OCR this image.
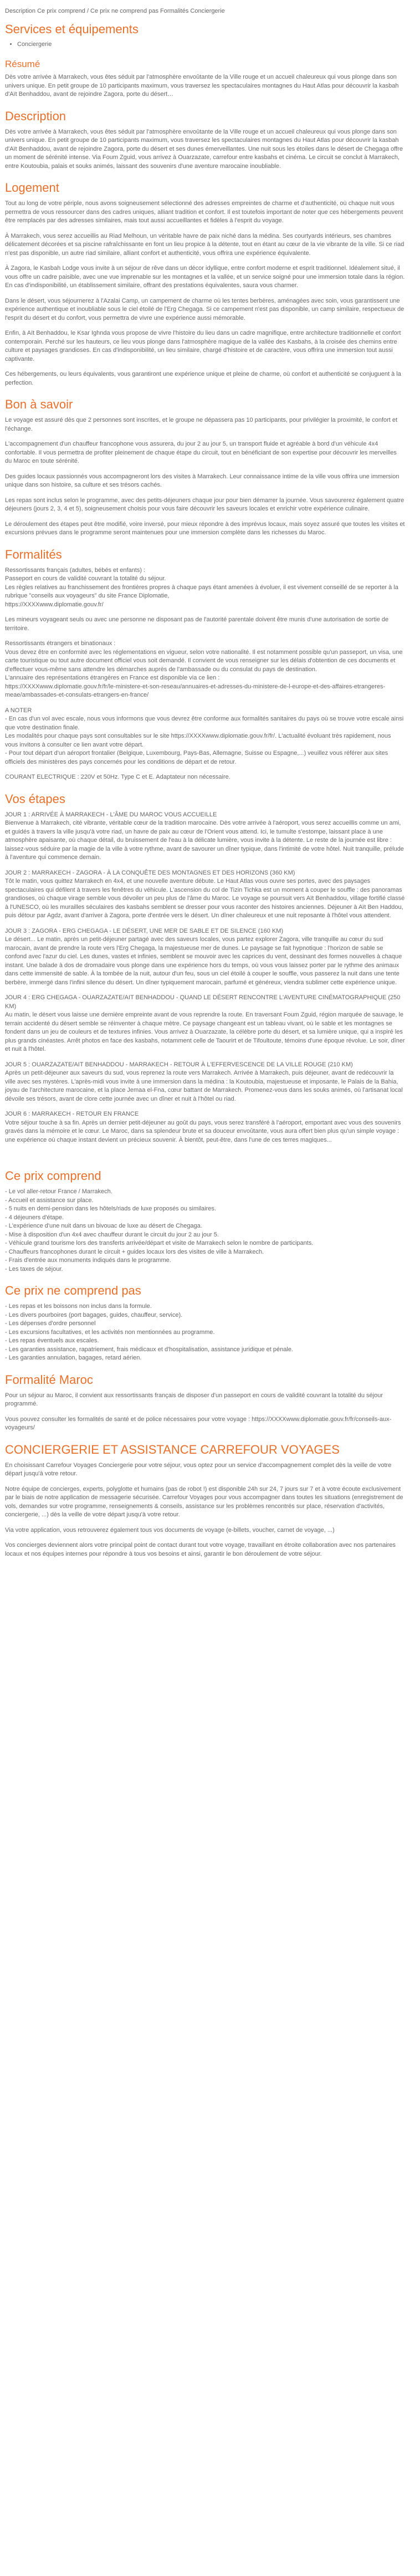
Description Ce prix comprend / Ce prix ne comprend pas Formalités Conciergerie
Services et équipements
• Conciergerie
Résumé

Dès votre arrivée à Marrakech, vous êtes séduit par l'atmosphère envoûtante de la Ville rouge et un accueil chaleureux qui vous plonge dans son univers unique. En petit groupe de 10 participants maximum, vous traversez les spectaculaires montagnes du Haut Atlas pour découvrir la kasbah d'Aït Benhaddou, avant de rejoindre Zagora, porte du désert…

Description

Dès votre arrivée à Marrakech, vous êtes séduit par l'atmosphère envoûtante de la Ville rouge et un accueil chaleureux qui vous plonge dans son univers unique. En petit groupe de 10 participants maximum, vous traversez les spectaculaires montagnes du Haut Atlas pour découvrir la kasbah d'Aït Benhaddou, avant de rejoindre Zagora, porte du désert et ses dunes émerveillantes. Une nuit sous les étoiles dans le désert de Chegaga offre un moment de sérénité intense. Via Foum Zguid, vous arrivez à Ouarzazate, carrefour entre kasbahs et cinéma. Le circuit se conclut à Marrakech, entre Koutoubia, palais et souks animés, laissant des souvenirs d'une aventure marocaine inoubliable.

Logement

Tout au long de votre périple, nous avons soigneusement sélectionné des adresses empreintes de charme et d'authenticité, où chaque nuit vous permettra de vous ressourcer dans des cadres uniques, alliant tradition et confort. Il est toutefois important de noter que ces hébergements peuvent être remplacés par des adresses similaires, mais tout aussi accueillantes et fidèles à l'esprit du voyage.

À Marrakech, vous serez accueillis au Riad Melhoun, un véritable havre de paix niché dans la médina. Ses courtyards intérieurs, ses chambres délicatement décorées et sa piscine rafraîchissante en font un lieu propice à la détente, tout en étant au cœur de la vie vibrante de la ville. Si ce riad n'est pas disponible, un autre riad similaire, alliant confort et authenticité, vous offrira une expérience équivalente.

À Zagora, le Kasbah Lodge vous invite à un séjour de rêve dans un décor idyllique, entre confort moderne et esprit traditionnel. Idéalement situé, il vous offre un cadre paisible, avec une vue imprenable sur les montagnes et la vallée, et un service soigné pour une immersion totale dans la région. En cas d'indisponibilité, un établissement similaire, offrant des prestations équivalentes, saura vous charmer.

Dans le désert, vous séjournerez à l'Azalai Camp, un campement de charme où les tentes berbères, aménagées avec soin, vous garantissent une expérience authentique et inoubliable sous le ciel étoilé de l'Erg Chegaga. Si ce campement n'est pas disponible, un camp similaire, respectueux de l'esprit du désert et du confort, vous permettra de vivre une expérience aussi mémorable.

Enfin, à Aït Benhaddou, le Ksar Ighnda vous propose de vivre l'histoire du lieu dans un cadre magnifique, entre architecture traditionnelle et confort contemporain. Perché sur les hauteurs, ce lieu vous plonge dans l'atmosphère magique de la vallée des Kasbahs, à la croisée des chemins entre culture et paysages grandioses. En cas d'indisponibilité, un lieu similaire, chargé d'histoire et de caractère, vous offrira une immersion tout aussi captivante.

Ces hébergements, ou leurs équivalents, vous garantiront une expérience unique et pleine de charme, où confort et authenticité se conjuguent à la perfection.

Bon à savoir

Le voyage est assuré dès que 2 personnes sont inscrites, et le groupe ne dépassera pas 10 participants, pour privilégier la proximité, le confort et l'échange.

L'accompagnement d'un chauffeur francophone vous assurera, du jour 2 au jour 5, un transport fluide et agréable à bord d'un véhicule 4x4 confortable. Il vous permettra de profiter pleinement de chaque étape du circuit, tout en bénéficiant de son expertise pour découvrir les merveilles du Maroc en toute sérénité.

Des guides locaux passionnés vous accompagneront lors des visites à Marrakech. Leur connaissance intime de la ville vous offrira une immersion unique dans son histoire, sa culture et ses trésors cachés.

Les repas sont inclus selon le programme, avec des petits-déjeuners chaque jour pour bien démarrer la journée. Vous savourerez également quatre déjeuners (jours 2, 3, 4 et 5), soigneusement choisis pour vous faire découvrir les saveurs locales et enrichir votre expérience culinaire.

Le déroulement des étapes peut être modifié, voire inversé, pour mieux répondre à des imprévus locaux, mais soyez assuré que toutes les visites et excursions prévues dans le programme seront maintenues pour une immersion complète dans les richesses du Maroc.

Formalités

Ressortissants français (adultes, bébés et enfants) :

Passeport en cours de validité couvrant la totalité du séjour.

Les règles relatives au franchissement des frontières propres à chaque pays étant amenées à évoluer, il est vivement conseillé de se reporter à la rubrique "conseils aux voyageurs" du site France Diplomatie,

https://XXXXwww.diplomatie.gouv.fr/

Les mineurs voyageant seuls ou avec une personne ne disposant pas de l'autorité parentale doivent être munis d'une autorisation de sortie de territoire.

Ressortissants étrangers et binationaux :

Vous devez être en conformité avec les réglementations en vigueur, selon votre nationalité. Il est notamment possible qu'un passeport, un visa, une carte touristique ou tout autre document officiel vous soit demandé. Il convient de vous renseigner sur les délais d'obtention de ces documents et d'effectuer vous-même sans attendre les démarches auprès de l'ambassade ou du consulat du pays de destination.

L'annuaire des représentations étrangères en France est disponible via ce lien :

https://XXXXwww.diplomatie.gouv.fr/fr/le-ministere-et-son-reseau/annuaires-et-adresses-du-ministere-de-l-europe-et-des-affaires-etrangeres-meae/ambassades-et-consulats-etrangers-en-france/

A NOTER

- En cas d'un vol avec escale, nous vous informons que vous devrez être conforme aux formalités sanitaires du pays où se trouve votre escale ainsi que votre destination finale.

Les modalités pour chaque pays sont consultables sur le site https://XXXXwww.diplomatie.gouv.fr/fr/. L'actualité évoluant très rapidement, nous vous invitons à consulter ce lien avant votre départ.

- Pour tout départ d'un aéroport frontalier (Belgique, Luxembourg, Pays-Bas, Allemagne, Suisse ou Espagne,...) veuillez vous référer aux sites officiels des ministères des pays concernés pour les conditions de départ et de retour.

COURANT ELECTRIQUE : 220V et 50Hz. Type C et E. Adaptateur non nécessaire.

Vos étapes

JOUR 1 : ARRIVÉE À MARRAKECH - L'ÂME DU MAROC VOUS ACCUEILLE

Bienvenue à Marrakech, cité vibrante, véritable cœur de la tradition marocaine. Dès votre arrivée à l'aéroport, vous serez accueillis comme un ami, et guidés à travers la ville jusqu'à votre riad, un havre de paix au cœur de l'Orient vous attend. Ici, le tumulte s'estompe, laissant place à une atmosphère apaisante, où chaque détail, du bruissement de l'eau à la délicate lumière, vous invite à la détente. Le reste de la journée est libre : laissez-vous séduire par la magie de la ville à votre rythme, avant de savourer un dîner typique, dans l'intimité de votre hôtel. Nuit tranquille, prélude à l'aventure qui commence demain.

JOUR 2 : MARRAKECH - ZAGORA - À LA CONQUÊTE DES MONTAGNES ET DES HORIZONS (360 KM)

Tôt le matin, vous quittez Marrakech en 4x4, et une nouvelle aventure débute. Le Haut Atlas vous ouvre ses portes, avec des paysages spectaculaires qui défilent à travers les fenêtres du véhicule. L'ascension du col de Tizin Tichka est un moment à couper le souffle : des panoramas grandioses, où chaque virage semble vous dévoiler un peu plus de l'âme du Maroc. Le voyage se poursuit vers Aït Benhaddou, village fortifié classé à l'UNESCO, où les murailles séculaires des kasbahs semblent se dresser pour vous raconter des histoires anciennes. Déjeuner à Aït Ben Haddou, puis détour par Agdz, avant d'arriver à Zagora, porte d'entrée vers le désert. Un dîner chaleureux et une nuit reposante à l'hôtel vous attendent.

JOUR 3 : ZAGORA - ERG CHEGAGA - LE DÉSERT, UNE MER DE SABLE ET DE SILENCE (160 KM)

Le désert... Le matin, après un petit-déjeuner partagé avec des saveurs locales, vous partez explorer Zagora, ville tranquille au cœur du sud marocain, avant de prendre la route vers l'Erg Chegaga, la majestueuse mer de dunes. Le paysage se fait hypnotique : l'horizon de sable se confond avec l'azur du ciel. Les dunes, vastes et infinies, semblent se mouvoir avec les caprices du vent, dessinant des formes nouvelles à chaque instant. Une balade à dos de dromadaire vous plonge dans une expérience hors du temps, où vous vous laissez porter par le rythme des animaux dans cette immensité de sable. À la tombée de la nuit, autour d'un feu, sous un ciel étoilé à couper le souffle, vous passerez la nuit dans une tente berbère, immergé dans l'infini silence du désert. Un dîner typiquement marocain, parfumé et généreux, viendra sublimer cette expérience unique.

JOUR 4 : ERG CHEGAGA - OUARZAZATE/AIT BENHADDOU - QUAND LE DÉSERT RENCONTRE L'AVENTURE CINÉMATOGRAPHIQUE (250 KM)

Au matin, le désert vous laisse une dernière empreinte avant de vous reprendre la route. En traversant Foum Zguid, région marquée de sauvage, le terrain accidenté du désert semble se réinventer à chaque mètre. Ce paysage changeant est un tableau vivant, où le sable et les montagnes se fondent dans un jeu de couleurs et de textures infinies. Vous arrivez à Ouarzazate, la célèbre porte du désert, et sa lumière unique, qui a inspiré les plus grands cinéastes. Arrêt photos en face des kasbahs, notamment celle de Taourirt et de Tifoultoute, témoins d'une époque révolue. Le soir, dîner et nuit à l'hôtel.

JOUR 5 : OUARZAZATE/AIT BENHADDOU - MARRAKECH - RETOUR À L'EFFERVESCENCE DE LA VILLE ROUGE (210 KM)

Après un petit-déjeuner aux saveurs du sud, vous reprenez la route vers Marrakech. Arrivée à Marrakech, puis déjeuner, avant de redécouvrir la ville avec ses mystères. L'après-midi vous invite à une immersion dans la médina : la Koutoubia, majestueuse et imposante, le Palais de la Bahia, joyau de l'architecture marocaine, et la place Jemaa el-Fna, cœur battant de Marrakech. Promenez-vous dans les souks animés, où l'artisanat local dévoile ses trésors, avant de clore cette journée avec un dîner et nuit à l'hôtel ou riad.

JOUR 6 : MARRAKECH - RETOUR EN FRANCE

Votre séjour touche à sa fin. Après un dernier petit-déjeuner au goût du pays, vous serez transféré à l'aéroport, emportant avec vous des souvenirs gravés dans la mémoire et le cœur. Le Maroc, dans sa splendeur brute et sa douceur envoûtante, vous aura offert bien plus qu'un simple voyage : une expérience où chaque instant devient un précieux souvenir. À bientôt, peut-être, dans l'une de ces terres magiques...

Ce prix comprend

- Le vol aller-retour France / Marrakech.

- Accueil et assistance sur place.

- 5 nuits en demi-pension dans les hôtels/riads de luxe proposés ou similaires.

- 4 déjeuners d'étape.

- L'expérience d'une nuit dans un bivouac de luxe au désert de Chegaga.

- Mise à disposition d'un 4x4 avec chauffeur durant le circuit du jour 2 au jour 5.

- Véhicule grand tourisme lors des transferts arrivée/départ et visite de Marrakech selon le nombre de participants.

- Chauffeurs francophones durant le circuit + guides locaux lors des visites de ville à Marrakech.

- Frais d'entrée aux monuments indiqués dans le programme.

- Les taxes de séjour.

Ce prix ne comprend pas

- Les repas et les boissons non inclus dans la formule.

- Les divers pourboires (port bagages, guides, chauffeur, service).

- Les dépenses d'ordre personnel

- Les excursions facultatives, et les activités non mentionnées au programme.

- Les repas éventuels aux escales.

- Les garanties assistance, rapatriement, frais médicaux et d'hospitalisation, assistance juridique et pénale.

- Les garanties annulation, bagages, retard aérien.

Formalité Maroc

Pour un séjour au Maroc, il convient aux ressortissants français de disposer d'un passeport en cours de validité couvrant la totalité du séjour programmé.

Vous pouvez consulter les formalités de santé et de police nécessaires pour votre voyage : https://XXXXwww.diplomatie.gouv.fr/fr/conseils-aux-voyageurs/

CONCIERGERIE ET ASSISTANCE CARREFOUR VOYAGES

En choisissant Carrefour Voyages Conciergerie pour votre séjour, vous optez pour un service d'accompagnement complet dès la veille de votre départ jusqu'à votre retour.

Notre équipe de concierges, experts, polyglotte et humains (pas de robot !) est disponible 24h sur 24, 7 jours sur 7 et à votre écoute exclusivement par le biais de notre application de messagerie sécurisée. Carrefour Voyages pour vous accompagner dans toutes les situations (enregistrement de vols, demandes sur votre programme, renseignements & conseils, assistance sur les problèmes rencontrés sur place, réservation d'activités, conciergerie, ...) dès la veille de votre départ jusqu'à votre retour.

Via votre application, vous retrouverez également tous vos documents de voyage (e-billets, voucher, carnet de voyage, ...)

Vos concierges deviennent alors votre principal point de contact durant tout votre voyage, travaillant en étroite collaboration avec nos partenaires locaux et nos équipes internes pour répondre à tous vos besoins et ainsi, garantir le bon déroulement de votre séjour.
